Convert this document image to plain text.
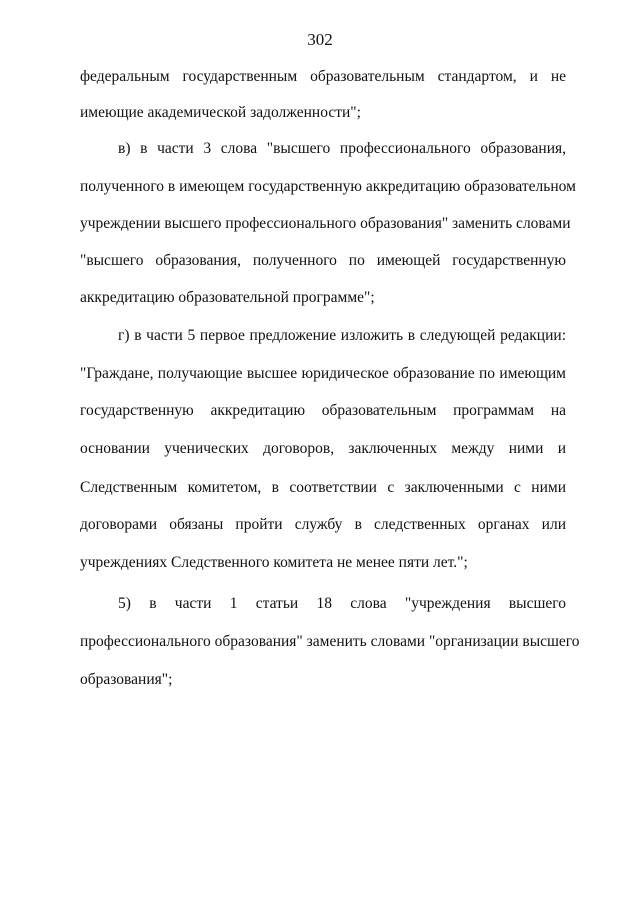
302
федеральным государственным образовательным стандартом, и не
имеющие академической задолженности";
в) в части 3 слова "высшего профессионального образования,
полученного в имеющем государственную аккредитацию образовательном
учреждении высшего профессионального образования" заменить словами
"высшего образования, полученного по имеющей государственную
аккредитацию образовательной программе";
г) в части 5 первое предложение изложить в следующей редакции:
"Граждане, получающие высшее юридическое образование по имеющим
государственную аккредитацию образовательным программам на
основании ученических договоров, заключенных между ними и
Следственным комитетом, в соответствии с заключенными с ними
договорами обязаны пройти службу в следственных органах или
учреждениях Следственного комитета не менее пяти лет.";
5) в части 1 статьи 18 слова "учреждения высшего
профессионального образования" заменить словами "организации высшего
образования";
